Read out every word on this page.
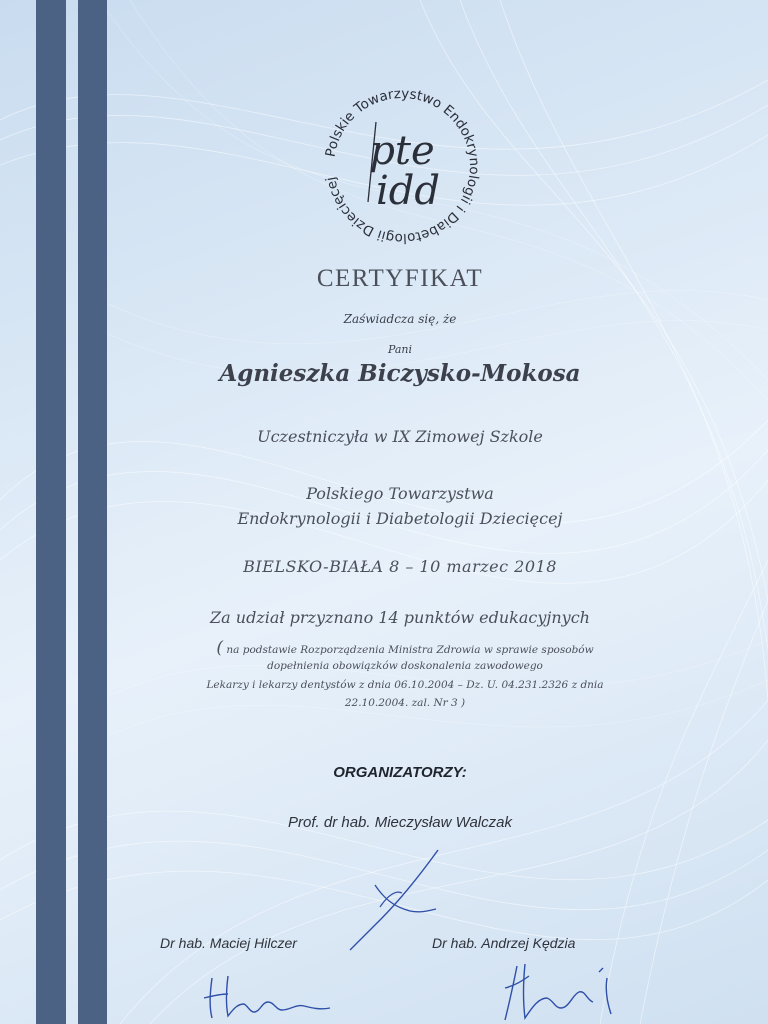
Polskie Towarzystwo Endokrynologii i Diabetologii Dziecięcej
pte
idd
CERTYFIKAT
Zaświadcza się, że
Pani
Agnieszka Biczysko-Mokosa
Uczestniczyła w IX Zimowej Szkole
Polskiego Towarzystwa
Endokrynologii i Diabetologii Dziecięcej
BIELSKO-BIAŁA 8 – 10 marzec 2018
Za udział przyznano 14 punktów edukacyjnych
( na podstawie Rozporządzenia Ministra Zdrowia w sprawie sposobów
dopełnienia obowiązków doskonalenia zawodowego
Lekarzy i lekarzy dentystów z dnia 06.10.2004 – Dz. U. 04.231.2326 z dnia
22.10.2004. zal. Nr 3 )
ORGANIZATORZY:
Prof. dr hab. Mieczysław Walczak
Dr hab. Maciej Hilczer	Dr hab. Andrzej Kędzia
